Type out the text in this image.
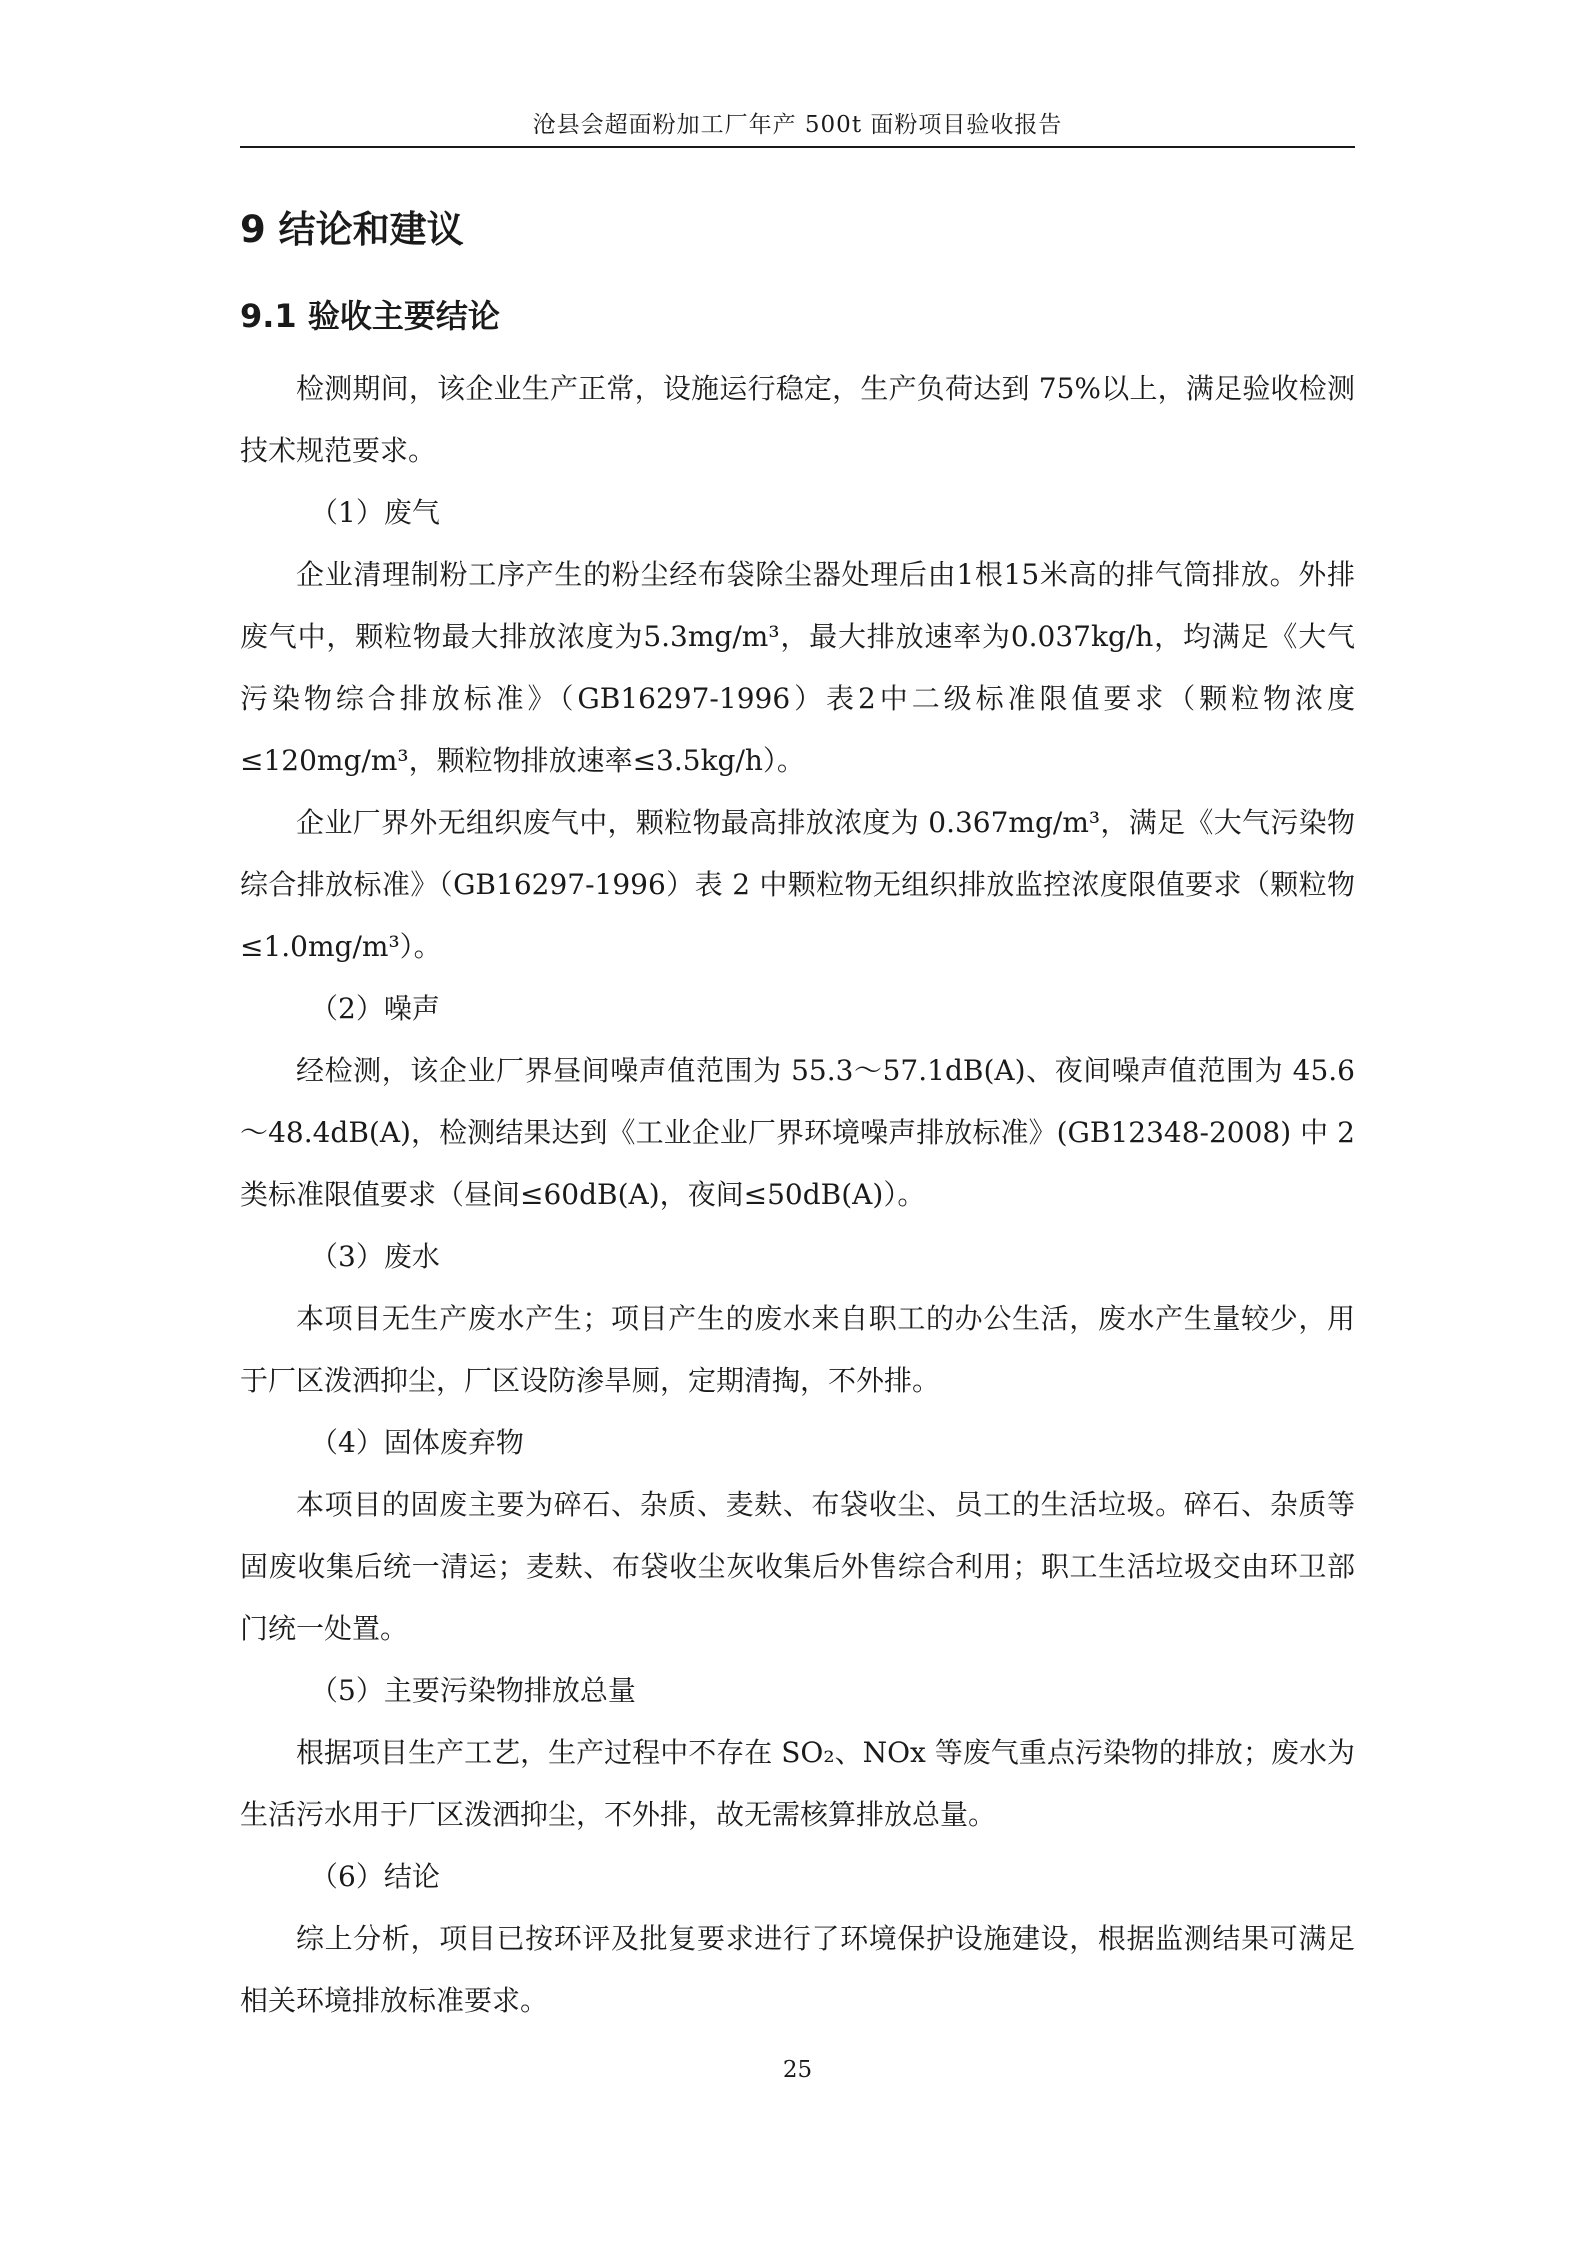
沧县会超面粉加工厂年产 500t 面粉项目验收报告
9 结论和建议
9.1 验收主要结论

检测期间，该企业生产正常，设施运行稳定，生产负荷达到 75%以上，满足验收检测技术规范要求。

（1）废气

企业清理制粉工序产生的粉尘经布袋除尘器处理后由1根15米高的排气筒排放。外排废气中，颗粒物最大排放浓度为5.3mg/m³，最大排放速率为0.037kg/h，均满足《大气污染物综合排放标准》（GB16297-1996）表2中二级标准限值要求（颗粒物浓度≤120mg/m³，颗粒物排放速率≤3.5kg/h）。

企业厂界外无组织废气中，颗粒物最高排放浓度为 0.367mg/m³，满足《大气污染物综合排放标准》（GB16297-1996）表 2 中颗粒物无组织排放监控浓度限值要求（颗粒物≤1.0mg/m³）。

（2）噪声

经检测，该企业厂界昼间噪声值范围为 55.3～57.1dB(A)、夜间噪声值范围为 45.6～48.4dB(A)，检测结果达到《工业企业厂界环境噪声排放标准》(GB12348-2008) 中 2 类标准限值要求（昼间≤60dB(A)，夜间≤50dB(A)）。

（3）废水

本项目无生产废水产生；项目产生的废水来自职工的办公生活，废水产生量较少，用于厂区泼洒抑尘，厂区设防渗旱厕，定期清掏，不外排。

（4）固体废弃物

本项目的固废主要为碎石、杂质、麦麸、布袋收尘、员工的生活垃圾。碎石、杂质等固废收集后统一清运；麦麸、布袋收尘灰收集后外售综合利用；职工生活垃圾交由环卫部门统一处置。

（5）主要污染物排放总量

根据项目生产工艺，生产过程中不存在 SO₂、NOx 等废气重点污染物的排放；废水为生活污水用于厂区泼洒抑尘，不外排，故无需核算排放总量。

（6）结论

综上分析，项目已按环评及批复要求进行了环境保护设施建设，根据监测结果可满足相关环境排放标准要求。

25
